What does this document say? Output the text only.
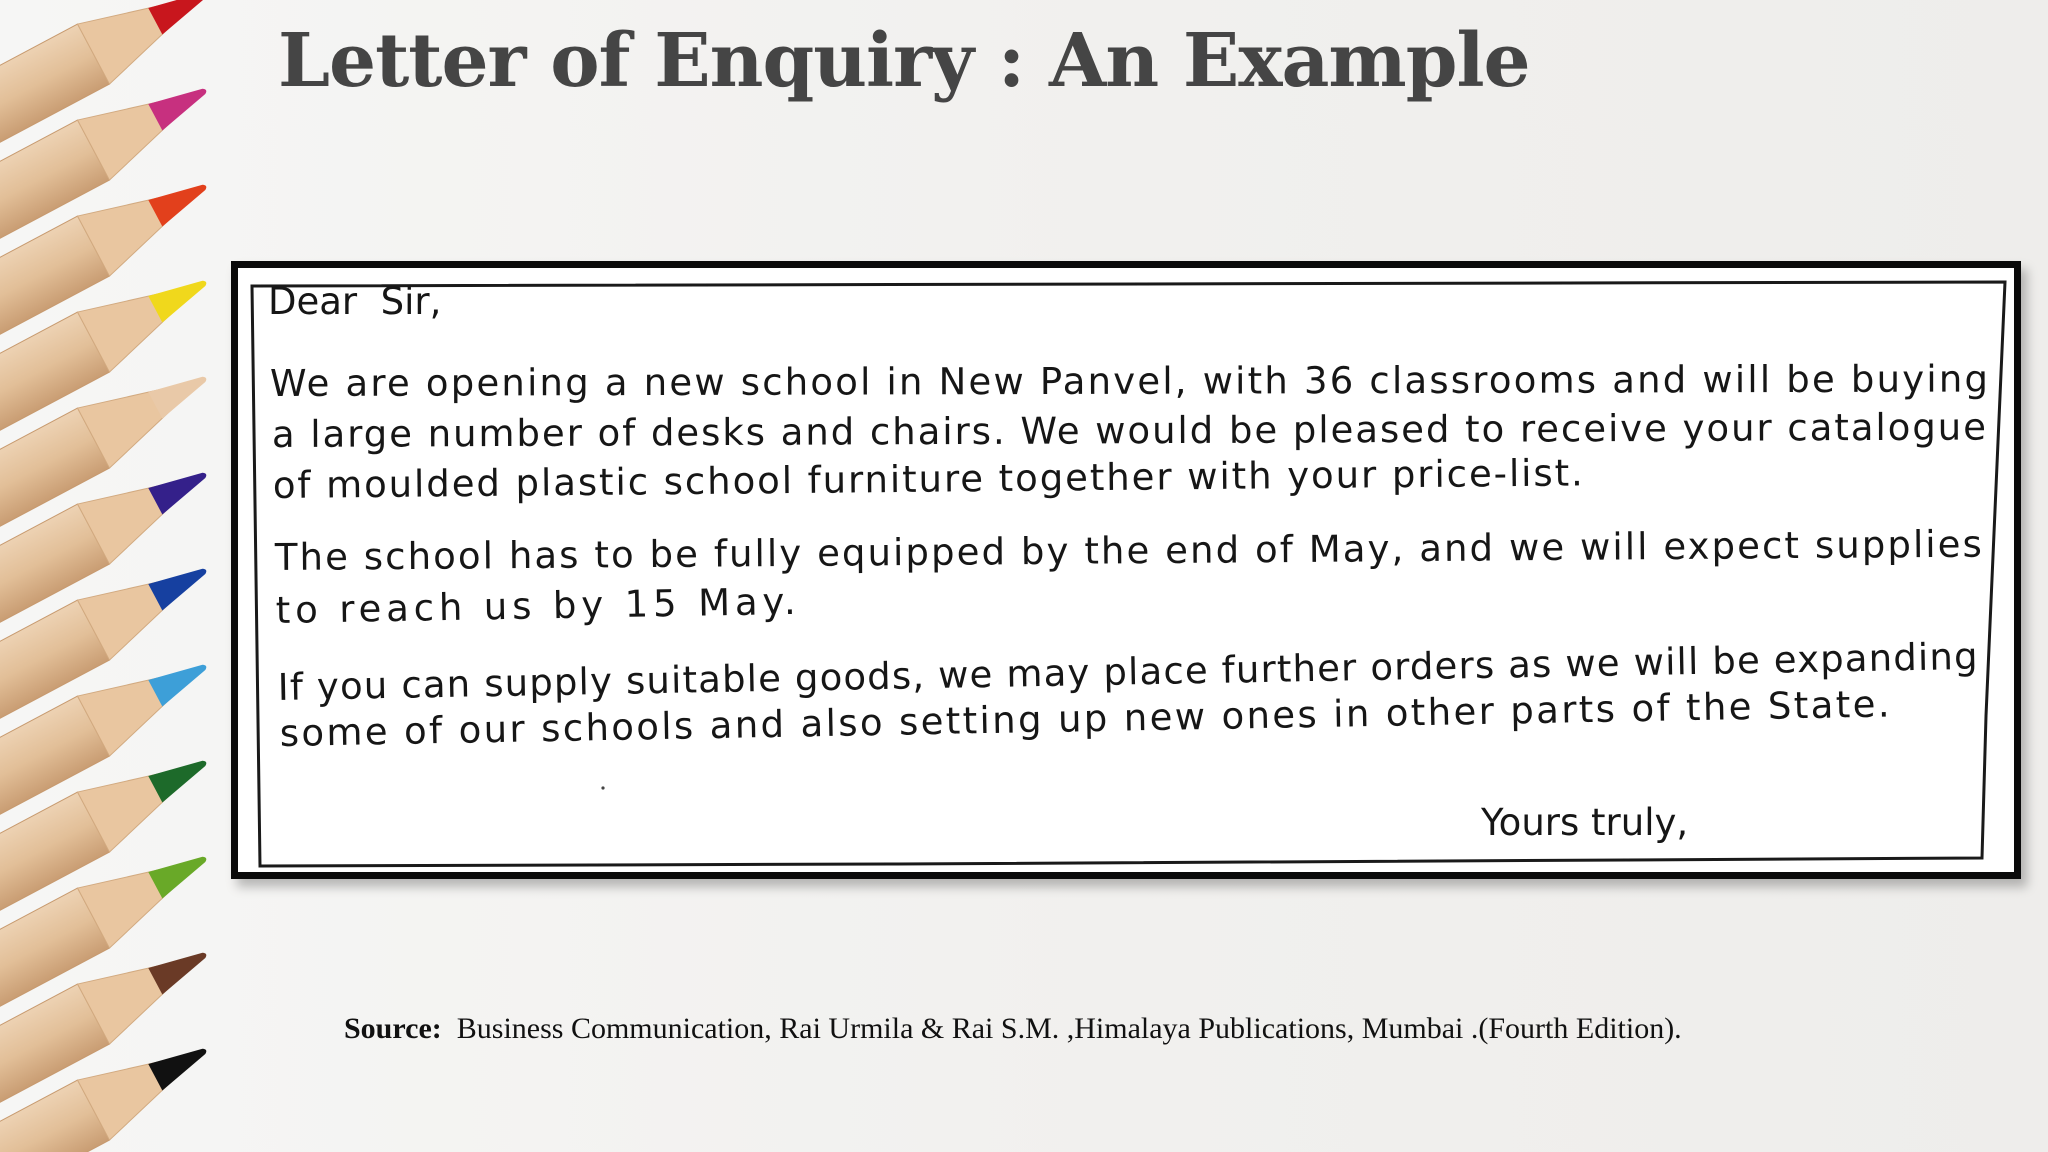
Letter of Enquiry : An Example
Dear  Sir,
We are opening a new school in New Panvel, with 36 classrooms and will be buying
a large number of desks and chairs. We would be pleased to receive your catalogue
of moulded plastic school furniture together with your price-list.
The school has to be fully equipped by the end of May, and we will expect supplies
to reach us by 15 May.
If you can supply suitable goods, we may place further orders as we will be expanding
some of our schools and also setting up new ones in other parts of the State.
Yours truly,

Source: Business Communication, Rai Urmila & Rai S.M. ,Himalaya Publications, Mumbai .(Fourth Edition).
